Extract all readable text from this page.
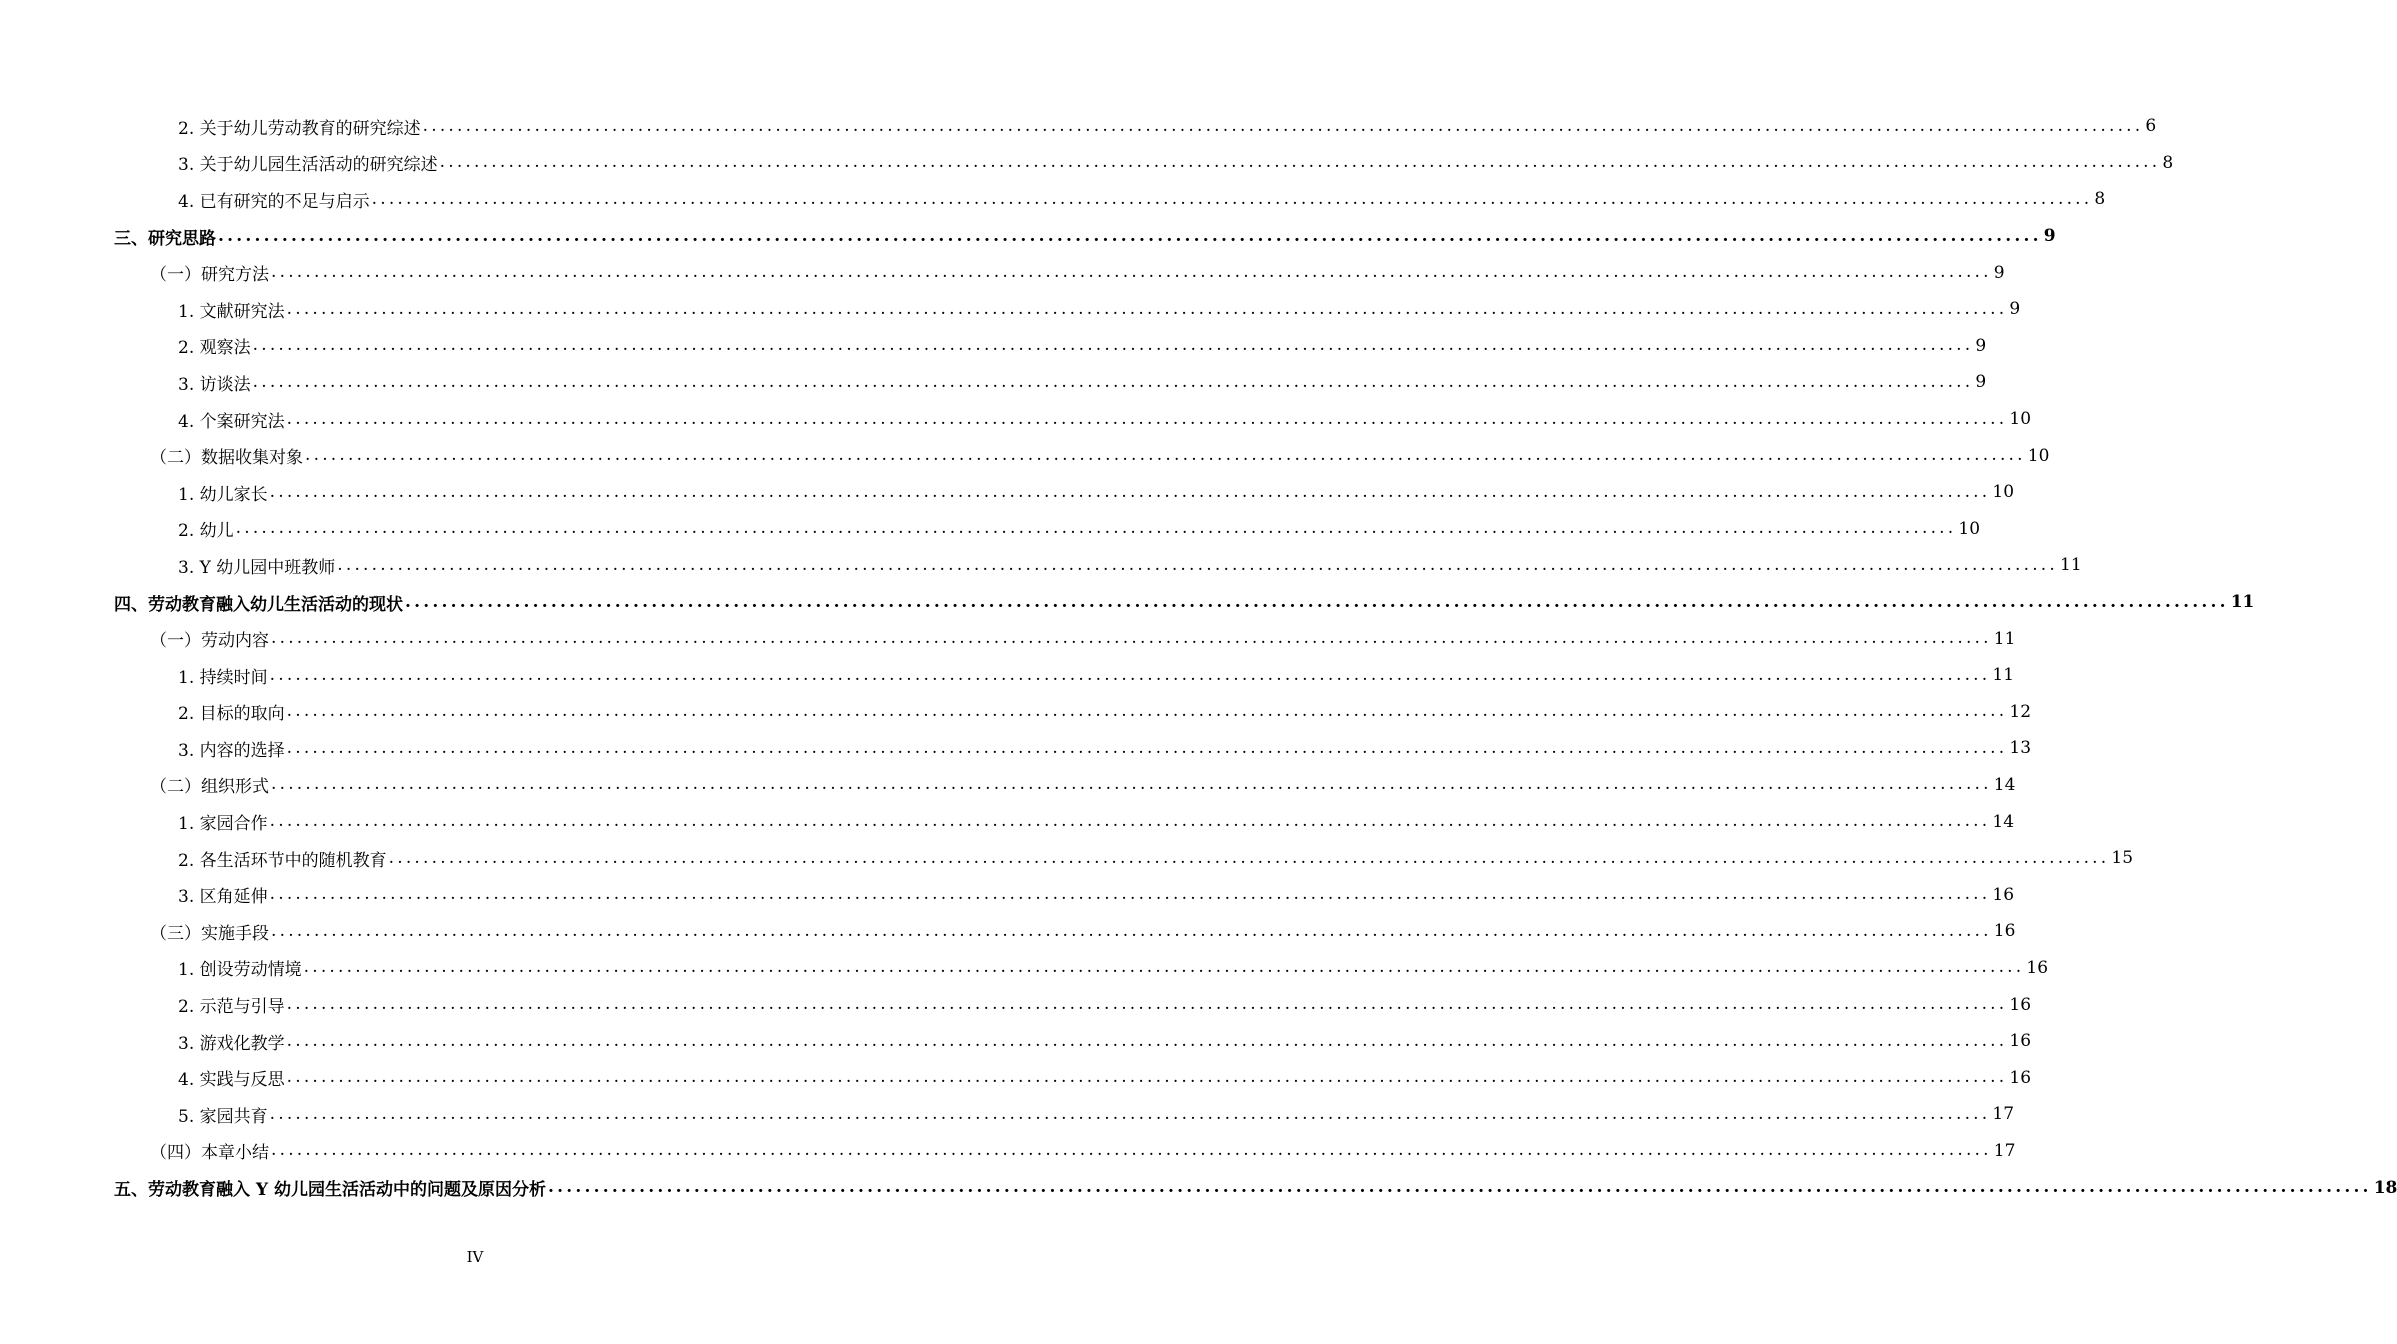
2. 关于幼儿劳动教育的研究综述 ........................................................................................................................................................................................................ 6
3. 关于幼儿园生活活动的研究综述 ........................................................................................................................................................................................................ 8
4. 已有研究的不足与启示 ........................................................................................................................................................................................................ 8
三、研究思路 ........................................................................................................................................................................................................ 9
（一）研究方法 ........................................................................................................................................................................................................ 9
1. 文献研究法 ........................................................................................................................................................................................................ 9
2. 观察法 ........................................................................................................................................................................................................ 9
3. 访谈法 ........................................................................................................................................................................................................ 9
4. 个案研究法 ........................................................................................................................................................................................................ 10
（二）数据收集对象 ........................................................................................................................................................................................................ 10
1. 幼儿家长 ........................................................................................................................................................................................................ 10
2. 幼儿 ........................................................................................................................................................................................................ 10
3. Y 幼儿园中班教师 ........................................................................................................................................................................................................ 11
四、劳动教育融入幼儿生活活动的现状 ........................................................................................................................................................................................................ 11
（一）劳动内容 ........................................................................................................................................................................................................ 11
1. 持续时间 ........................................................................................................................................................................................................ 11
2. 目标的取向 ........................................................................................................................................................................................................ 12
3. 内容的选择 ........................................................................................................................................................................................................ 13
（二）组织形式 ........................................................................................................................................................................................................ 14
1. 家园合作 ........................................................................................................................................................................................................ 14
2. 各生活环节中的随机教育 ........................................................................................................................................................................................................ 15
3. 区角延伸 ........................................................................................................................................................................................................ 16
（三）实施手段 ........................................................................................................................................................................................................ 16
1. 创设劳动情境 ........................................................................................................................................................................................................ 16
2. 示范与引导 ........................................................................................................................................................................................................ 16
3. 游戏化教学 ........................................................................................................................................................................................................ 16
4. 实践与反思 ........................................................................................................................................................................................................ 16
5. 家园共育 ........................................................................................................................................................................................................ 17
（四）本章小结 ........................................................................................................................................................................................................ 17
五、劳动教育融入 Y 幼儿园生活活动中的问题及原因分析 ........................................................................................................................................................................................................ 18
IV
